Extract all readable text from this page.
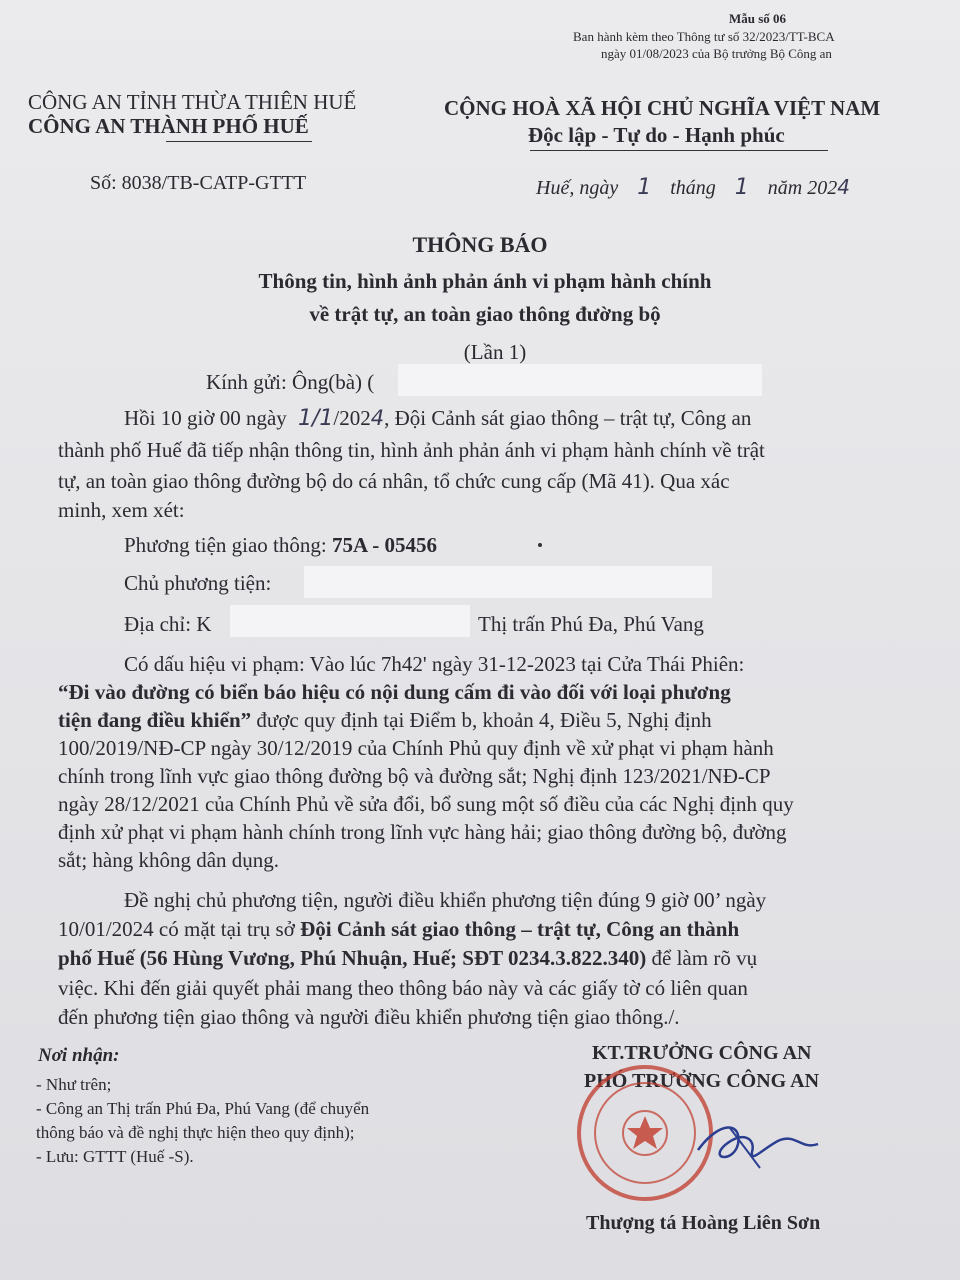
Mẫu số 06
Ban hành kèm theo Thông tư số 32/2023/TT-BCA
ngày 01/08/2023 của Bộ trưởng Bộ Công an
CÔNG AN TỈNH THỪA THIÊN HUẾ
CÔNG AN THÀNH PHỐ HUẾ
Số: 8038/TB-CATP-GTTT
CỘNG HOÀ XÃ HỘI CHỦ NGHĨA VIỆT NAM
Độc lập - Tự do - Hạnh phúc
Huế, ngày 1 tháng 1 năm 2024
THÔNG BÁO
Thông tin, hình ảnh phản ánh vi phạm hành chính
về trật tự, an toàn giao thông đường bộ
(Lần 1)
Kính gửi: Ông(bà) (
Hồi 10 giờ 00 ngày 1/1/2024, Đội Cảnh sát giao thông – trật tự, Công an
thành phố Huế đã tiếp nhận thông tin, hình ảnh phản ánh vi phạm hành chính về trật
tự, an toàn giao thông đường bộ do cá nhân, tổ chức cung cấp (Mã 41). Qua xác
minh, xem xét:
Phương tiện giao thông: 75A - 05456
Chủ phương tiện:
Địa chỉ: K	Thị trấn Phú Đa, Phú Vang
Có dấu hiệu vi phạm: Vào lúc 7h42' ngày 31-12-2023 tại Cửa Thái Phiên:
“Đi vào đường có biển báo hiệu có nội dung cấm đi vào đối với loại phương
tiện đang điều khiển” được quy định tại Điểm b, khoản 4, Điều 5, Nghị định
100/2019/NĐ-CP ngày 30/12/2019 của Chính Phủ quy định về xử phạt vi phạm hành
chính trong lĩnh vực giao thông đường bộ và đường sắt; Nghị định 123/2021/NĐ-CP
ngày 28/12/2021 của Chính Phủ về sửa đổi, bổ sung một số điều của các Nghị định quy
định xử phạt vi phạm hành chính trong lĩnh vực hàng hải; giao thông đường bộ, đường
sắt; hàng không dân dụng.
Đề nghị chủ phương tiện, người điều khiển phương tiện đúng 9 giờ 00’ ngày
10/01/2024 có mặt tại trụ sở Đội Cảnh sát giao thông – trật tự, Công an thành
phố Huế (56 Hùng Vương, Phú Nhuận, Huế; SĐT 0234.3.822.340) để làm rõ vụ
việc. Khi đến giải quyết phải mang theo thông báo này và các giấy tờ có liên quan
đến phương tiện giao thông và người điều khiển phương tiện giao thông./.
Nơi nhận:
- Như trên;
- Công an Thị trấn Phú Đa, Phú Vang (để chuyển
thông báo và đề nghị thực hiện theo quy định);
- Lưu: GTTT (Huế -S).
KT.TRƯỞNG CÔNG AN
PHÓ TRƯỞNG CÔNG AN
Thượng tá Hoàng Liên Sơn
